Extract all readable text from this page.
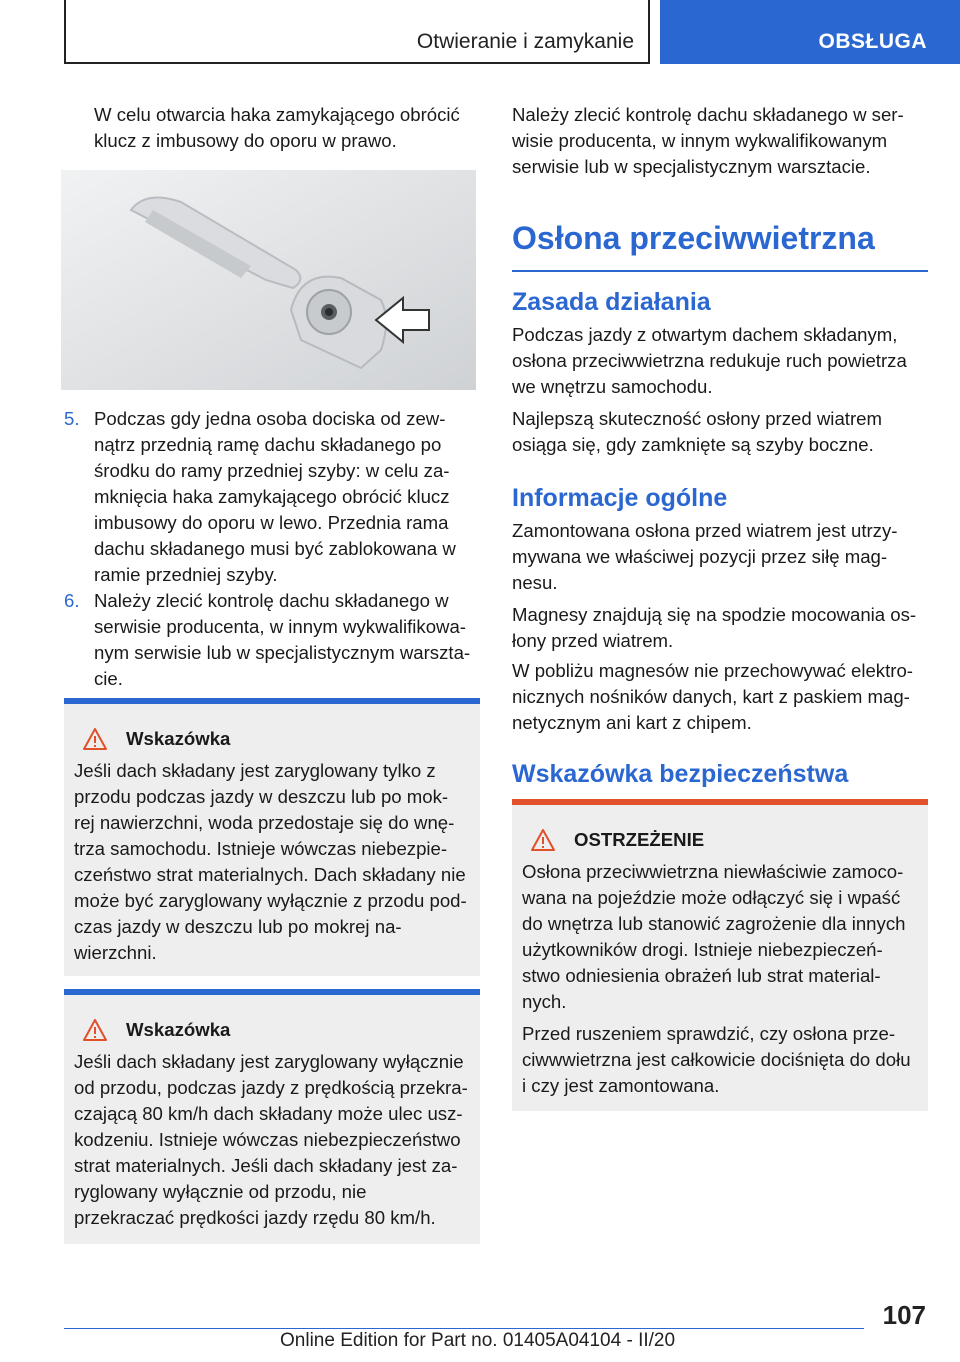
Otwieranie i zamykanie	OBSŁUGA
W celu otwarcia haka zamykającego obrócić klucz z imbusowy do oporu w prawo.
5. Podczas gdy jedna osoba dociska od zew- nątrz przednią ramę dachu składanego po środku do ramy przedniej szyby: w celu za- mknięcia haka zamykającego obrócić klucz imbusowy do oporu w lewo. Przednia rama dachu składanego musi być zablokowana w ramie przedniej szyby.
6. Należy zlecić kontrolę dachu składanego w serwisie producenta, w innym wykwalifikowa- nym serwisie lub w specjalistycznym warszta- cie.
Wskazówka

Jeśli dach składany jest zaryglowany tylko z przodu podczas jazdy w deszczu lub po mok- rej nawierzchni, woda przedostaje się do wnę- trza samochodu. Istnieje wówczas niebezpie- czeństwo strat materialnych. Dach składany nie może być zaryglowany wyłącznie z przodu pod- czas jazdy w deszczu lub po mokrej na- wierzchni.

Wskazówka

Jeśli dach składany jest zaryglowany wyłącznie od przodu, podczas jazdy z prędkością przekra- czającą 80 km/h dach składany może ulec usz- kodzeniu. Istnieje wówczas niebezpieczeństwo strat materialnych. Jeśli dach składany jest za- ryglowany wyłącznie od przodu, nie przekraczać prędkości jazdy rzędu 80 km/h.

Należy zlecić kontrolę dachu składanego w ser- wisie producenta, w innym wykwalifikowanym serwisie lub w specjalistycznym warsztacie.
Osłona przeciwwietrzna
Zasada działania
Podczas jazdy z otwartym dachem składanym, osłona przeciwwietrzna redukuje ruch powietrza we wnętrzu samochodu.
Najlepszą skuteczność osłony przed wiatrem osiąga się, gdy zamknięte są szyby boczne.
Informacje ogólne
Zamontowana osłona przed wiatrem jest utrzy- mywana we właściwej pozycji przez siłę mag- nesu.
Magnesy znajdują się na spodzie mocowania os- łony przed wiatrem.
W pobliżu magnesów nie przechowywać elektro- nicznych nośników danych, kart z paskiem mag- netycznym ani kart z chipem.
Wskazówka bezpieczeństwa
OSTRZEŻENIE

Osłona przeciwwietrzna niewłaściwie zamoco- wana na pojeździe może odłączyć się i wpaść do wnętrza lub stanowić zagrożenie dla innych użytkowników drogi. Istnieje niebezpieczeń- stwo odniesienia obrażeń lub strat material- nych.

Przed ruszeniem sprawdzić, czy osłona prze- ciwwwietrzna jest całkowicie dociśnięta do dołu i czy jest zamontowana.

107
Online Edition for Part no. 01405A04104 - II/20
